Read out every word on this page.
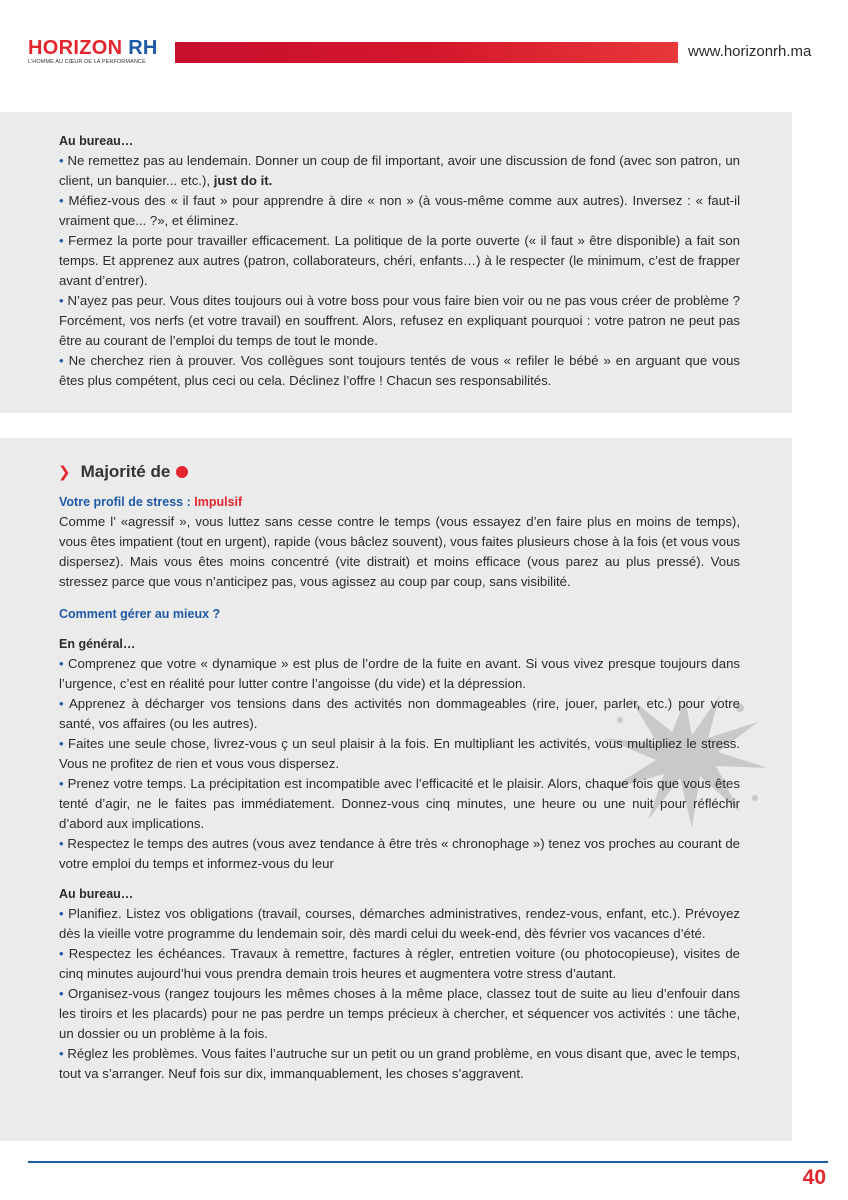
HORIZON RH
L'HOMME AU CŒUR DE LA PERFORMANCE
www.horizonrh.ma
Au bureau…

• Ne remettez pas au lendemain. Donner un coup de fil important, avoir une discussion de fond (avec son patron, un client, un banquier... etc.), just do it.

• Méfiez-vous des « il faut » pour apprendre à dire « non » (à vous-même comme aux autres). Inversez : « faut-il vraiment que... ?», et éliminez.

• Fermez la porte pour travailler efficacement. La politique de la porte ouverte (« il faut » être disponible) a fait son temps. Et apprenez aux autres (patron, collaborateurs, chéri, enfants…) à le respecter (le minimum, c’est de frapper avant d’entrer).

• N’ayez pas peur. Vous dites toujours oui à votre boss pour vous faire bien voir ou ne pas vous créer de problème ? Forcément, vos nerfs (et votre travail) en souffrent. Alors, refusez en expliquant pourquoi : votre patron ne peut pas être au courant de l’emploi du temps de tout le monde.

• Ne cherchez rien à prouver. Vos collègues sont toujours tentés de vous « refiler le bébé » en arguant que vous êtes plus compétent, plus ceci ou cela. Déclinez l’offre ! Chacun ses responsabilités.

❯ Majorité de
Votre profil de stress : Impulsif

Comme l’ «agressif », vous luttez sans cesse contre le temps (vous essayez d’en faire plus en moins de temps), vous êtes impatient (tout en urgent), rapide (vous bâclez souvent), vous faites plusieurs chose à la fois (et vous vous dispersez). Mais vous êtes moins concentré (vite distrait) et moins efficace (vous parez au plus pressé). Vous stressez parce que vous n’anticipez pas, vous agissez au coup par coup, sans visibilité.

Comment gérer au mieux ?
En général…

• Comprenez que votre « dynamique » est plus de l’ordre de la fuite en avant. Si vous vivez presque toujours dans l’urgence, c’est en réalité pour lutter contre l’angoisse (du vide) et la dépression.

• Apprenez à décharger vos tensions dans des activités non dommageables (rire, jouer, parler, etc.) pour votre santé, vos affaires (ou les autres).

• Faites une seule chose, livrez-vous ç un seul plaisir à la fois. En multipliant les activités, vous multipliez le stress. Vous ne profitez de rien et vous vous dispersez.

• Prenez votre temps. La précipitation est incompatible avec l’efficacité et le plaisir. Alors, chaque fois que vous êtes tenté d’agir, ne le faites pas immédiatement. Donnez-vous cinq minutes, une heure ou une nuit pour réfléchir d’abord aux implications.

• Respectez le temps des autres (vous avez tendance à être très « chronophage ») tenez vos proches au courant de votre emploi du temps et informez-vous du leur

Au bureau…

• Planifiez. Listez vos obligations (travail, courses, démarches administratives, rendez-vous, enfant, etc.). Prévoyez dès la vieille votre programme du lendemain soir, dès mardi celui du week-end, dès février vos vacances d’été.

• Respectez les échéances. Travaux à remettre, factures à régler, entretien voiture (ou photocopieuse), visites de cinq minutes aujourd’hui vous prendra demain trois heures et augmentera votre stress d’autant.

• Organisez-vous (rangez toujours les mêmes choses à la même place, classez tout de suite au lieu d’enfouir dans les tiroirs et les placards) pour ne pas perdre un temps précieux à chercher, et séquencer vos activités : une tâche, un dossier ou un problème à la fois.

• Réglez les problèmes. Vous faites l’autruche sur un petit ou un grand problème, en vous disant que, avec le temps, tout va s’arranger. Neuf fois sur dix, immanquablement, les choses s’aggravent.

40
